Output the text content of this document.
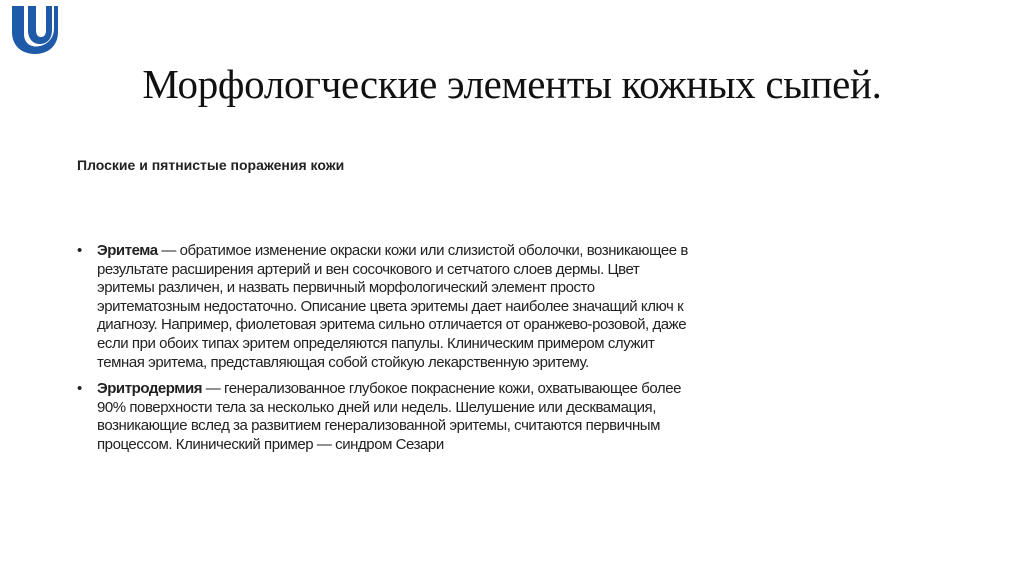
Морфологческие элементы кожных сыпей.
Плоские и пятнистые поражения кожи
• Эритема — обратимое изменение окраски кожи или слизистой оболочки, возникающее в
результате расширения артерий и вен сосочкового и сетчатого слоев дермы. Цвет
эритемы различен, и назвать первичный морфологический элемент просто
эритематозным недостаточно. Описание цвета эритемы дает наиболее значащий ключ к
диагнозу. Например, фиолетовая эритема сильно отличается от оранжево-розовой, даже
если при обоих типах эритем определяются папулы. Клиническим примером служит
темная эритема, представляющая собой стойкую лекарственную эритему.
• Эритродермия — генерализованное глубокое покраснение кожи, охватывающее более
90% поверхности тела за несколько дней или недель. Шелушение или десквамация,
возникающие вслед за развитием генерализованной эритемы, считаются первичным
процессом. Клинический пример — синдром Сезари
